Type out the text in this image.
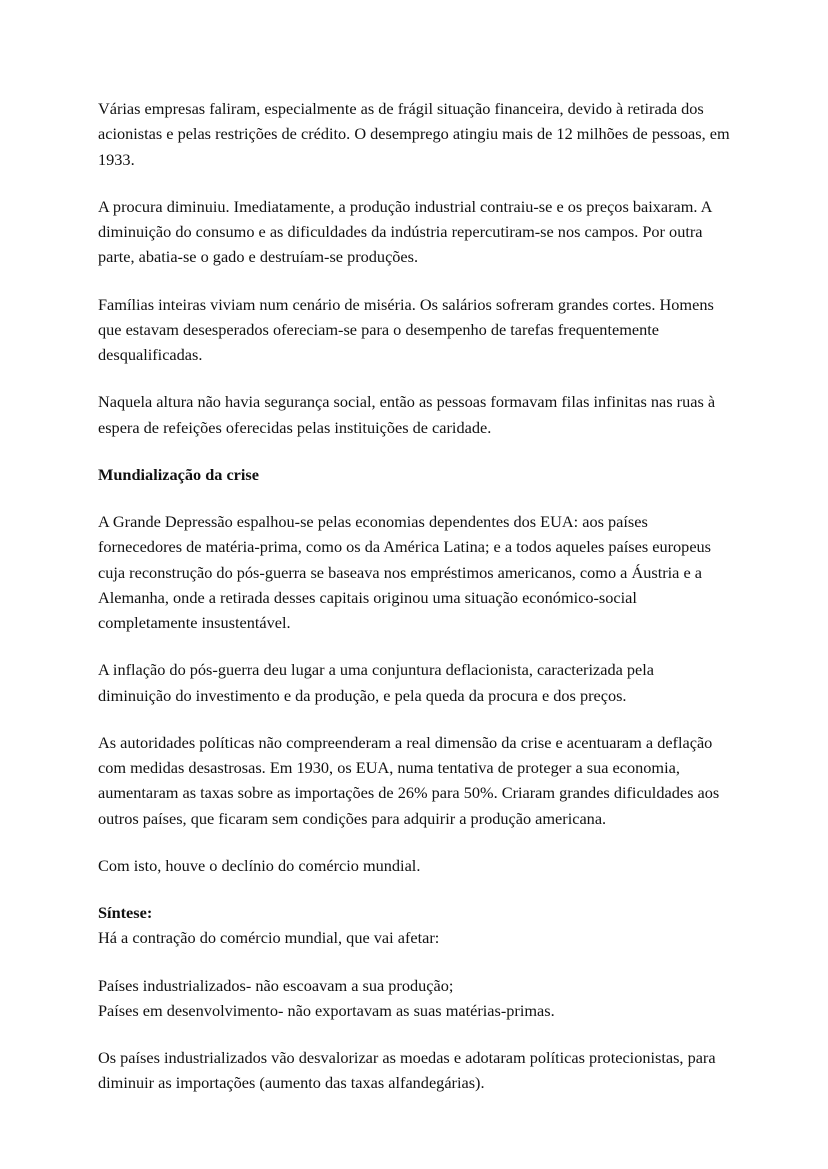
Várias empresas faliram, especialmente as de frágil situação financeira, devido à retirada dos acionistas e pelas restrições de crédito. O desemprego atingiu mais de 12 milhões de pessoas, em 1933.

A procura diminuiu. Imediatamente, a produção industrial contraiu-se e os preços baixaram. A diminuição do consumo e as dificuldades da indústria repercutiram-se nos campos. Por outra parte, abatia-se o gado e destruíam-se produções.

Famílias inteiras viviam num cenário de miséria. Os salários sofreram grandes cortes. Homens que estavam desesperados ofereciam-se para o desempenho de tarefas frequentemente desqualificadas.

Naquela altura não havia segurança social, então as pessoas formavam filas infinitas nas ruas à espera de refeições oferecidas pelas instituições de caridade.

Mundialização da crise

A Grande Depressão espalhou-se pelas economias dependentes dos EUA: aos países fornecedores de matéria-prima, como os da América Latina; e a todos aqueles países europeus cuja reconstrução do pós-guerra se baseava nos empréstimos americanos, como a Áustria e a Alemanha, onde a retirada desses capitais originou uma situação económico-social completamente insustentável.

A inflação do pós-guerra deu lugar a uma conjuntura deflacionista, caracterizada pela diminuição do investimento e da produção, e pela queda da procura e dos preços.

As autoridades políticas não compreenderam a real dimensão da crise e acentuaram a deflação com medidas desastrosas. Em 1930, os EUA, numa tentativa de proteger a sua economia, aumentaram as taxas sobre as importações de 26% para 50%. Criaram grandes dificuldades aos outros países, que ficaram sem condições para adquirir a produção americana.

Com isto, houve o declínio do comércio mundial.

Síntese:

Há a contração do comércio mundial, que vai afetar:

Países industrializados- não escoavam a sua produção;

Países em desenvolvimento- não exportavam as suas matérias-primas.

Os países industrializados vão desvalorizar as moedas e adotaram políticas protecionistas, para diminuir as importações (aumento das taxas alfandegárias).
